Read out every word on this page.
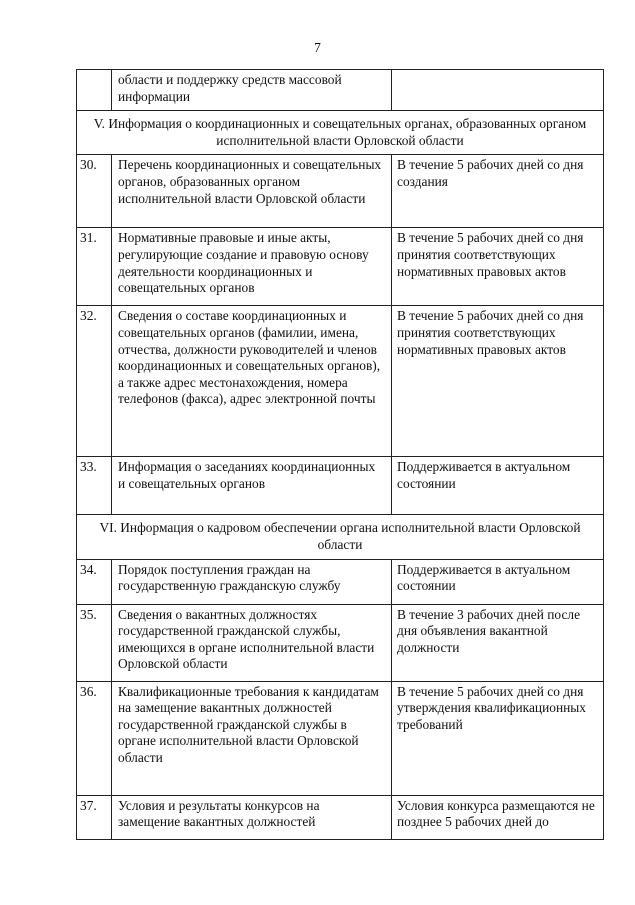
7
	области и поддержку средств массовой информации	
V. Информация о координационных и совещательных органах, образованных органом исполнительной власти Орловской области		
30.	Перечень координационных и совещательных органов, образованных органом исполнительной власти Орловской области	В течение 5 рабочих дней со дня создания
31.	Нормативные правовые и иные акты, регулирующие создание и правовую основу деятельности координационных и совещательных органов	В течение 5 рабочих дней со дня принятия соответствующих нормативных правовых актов
32.	Сведения о составе координационных и совещательных органов (фамилии, имена, отчества, должности руководителей и членов координационных и совещательных органов), а также адрес местонахождения, номера телефонов (факса), адрес электронной почты	В течение 5 рабочих дней со дня принятия соответствующих нормативных правовых актов
33.	Информация о заседаниях координационных и совещательных органов	Поддерживается в актуальном состоянии
VI. Информация о кадровом обеспечении органа исполнительной власти Орловской области		
34.	Порядок поступления граждан на государственную гражданскую службу	Поддерживается в актуальном состоянии
35.	Сведения о вакантных должностях государственной гражданской службы, имеющихся в органе исполнительной власти Орловской области	В течение 3 рабочих дней после дня объявления вакантной должности
36.	Квалификационные требования к кандидатам на замещение вакантных должностей государственной гражданской службы в органе исполнительной власти Орловской области	В течение 5 рабочих дней со дня утверждения квалификационных требований
37.	Условия и результаты конкурсов на замещение вакантных должностей	Условия конкурса размещаются не позднее 5 рабочих дней до
